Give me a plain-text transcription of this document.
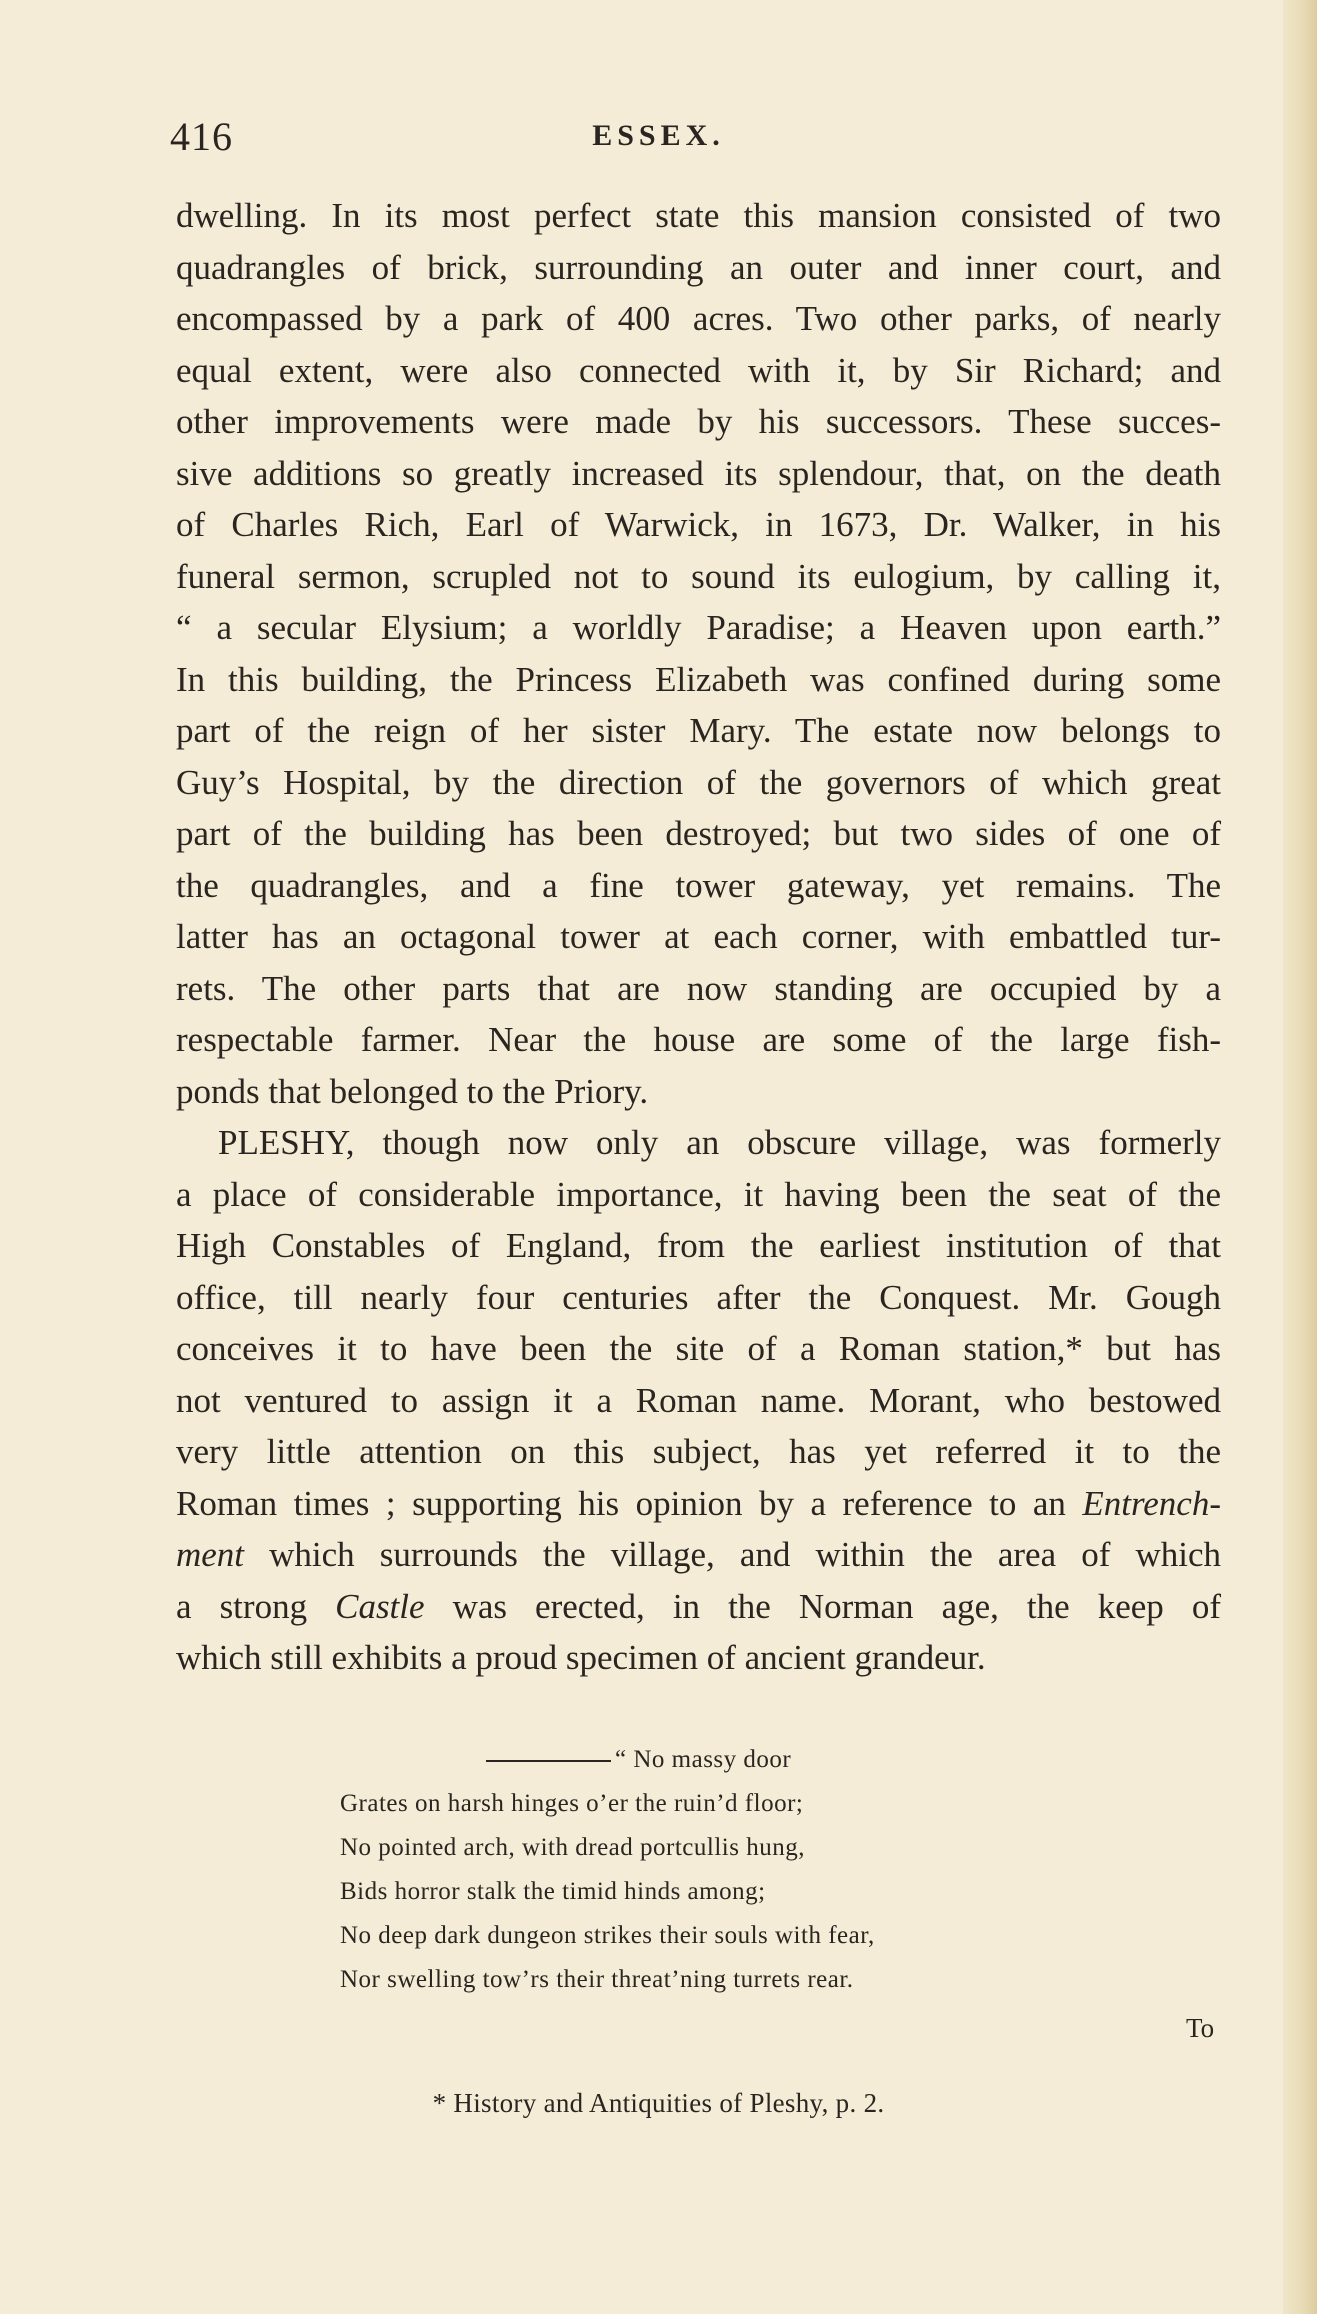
416	ESSEX.
dwelling. In its most perfect state this mansion consisted of two
quadrangles of brick, surrounding an outer and inner court, and
encompassed by a park of 400 acres. Two other parks, of nearly
equal extent, were also connected with it, by Sir Richard; and
other improvements were made by his successors. These succes-
sive additions so greatly increased its splendour, that, on the death
of Charles Rich, Earl of Warwick, in 1673, Dr. Walker, in his
funeral sermon, scrupled not to sound its eulogium, by calling it,
“ a secular Elysium; a worldly Paradise; a Heaven upon earth.”
In this building, the Princess Elizabeth was confined during some
part of the reign of her sister Mary. The estate now belongs to
Guy’s Hospital, by the direction of the governors of which great
part of the building has been destroyed; but two sides of one of
the quadrangles, and a fine tower gateway, yet remains. The
latter has an octagonal tower at each corner, with embattled tur-
rets. The other parts that are now standing are occupied by a
respectable farmer. Near the house are some of the large fish-
ponds that belonged to the Priory.
PLESHY, though now only an obscure village, was formerly
a place of considerable importance, it having been the seat of the
High Constables of England, from the earliest institution of that
office, till nearly four centuries after the Conquest. Mr. Gough
conceives it to have been the site of a Roman station,* but has
not ventured to assign it a Roman name. Morant, who bestowed
very little attention on this subject, has yet referred it to the
Roman times ; supporting his opinion by a reference to an Entrench-
ment which surrounds the village, and within the area of which
a strong Castle was erected, in the Norman age, the keep of
which still exhibits a proud specimen of ancient grandeur.
“ No massy door
Grates on harsh hinges o’er the ruin’d floor;
No pointed arch, with dread portcullis hung,
Bids horror stalk the timid hinds among;
No deep dark dungeon strikes their souls with fear,
Nor swelling tow’rs their threat’ning turrets rear.
To
* History and Antiquities of Pleshy, p. 2.
